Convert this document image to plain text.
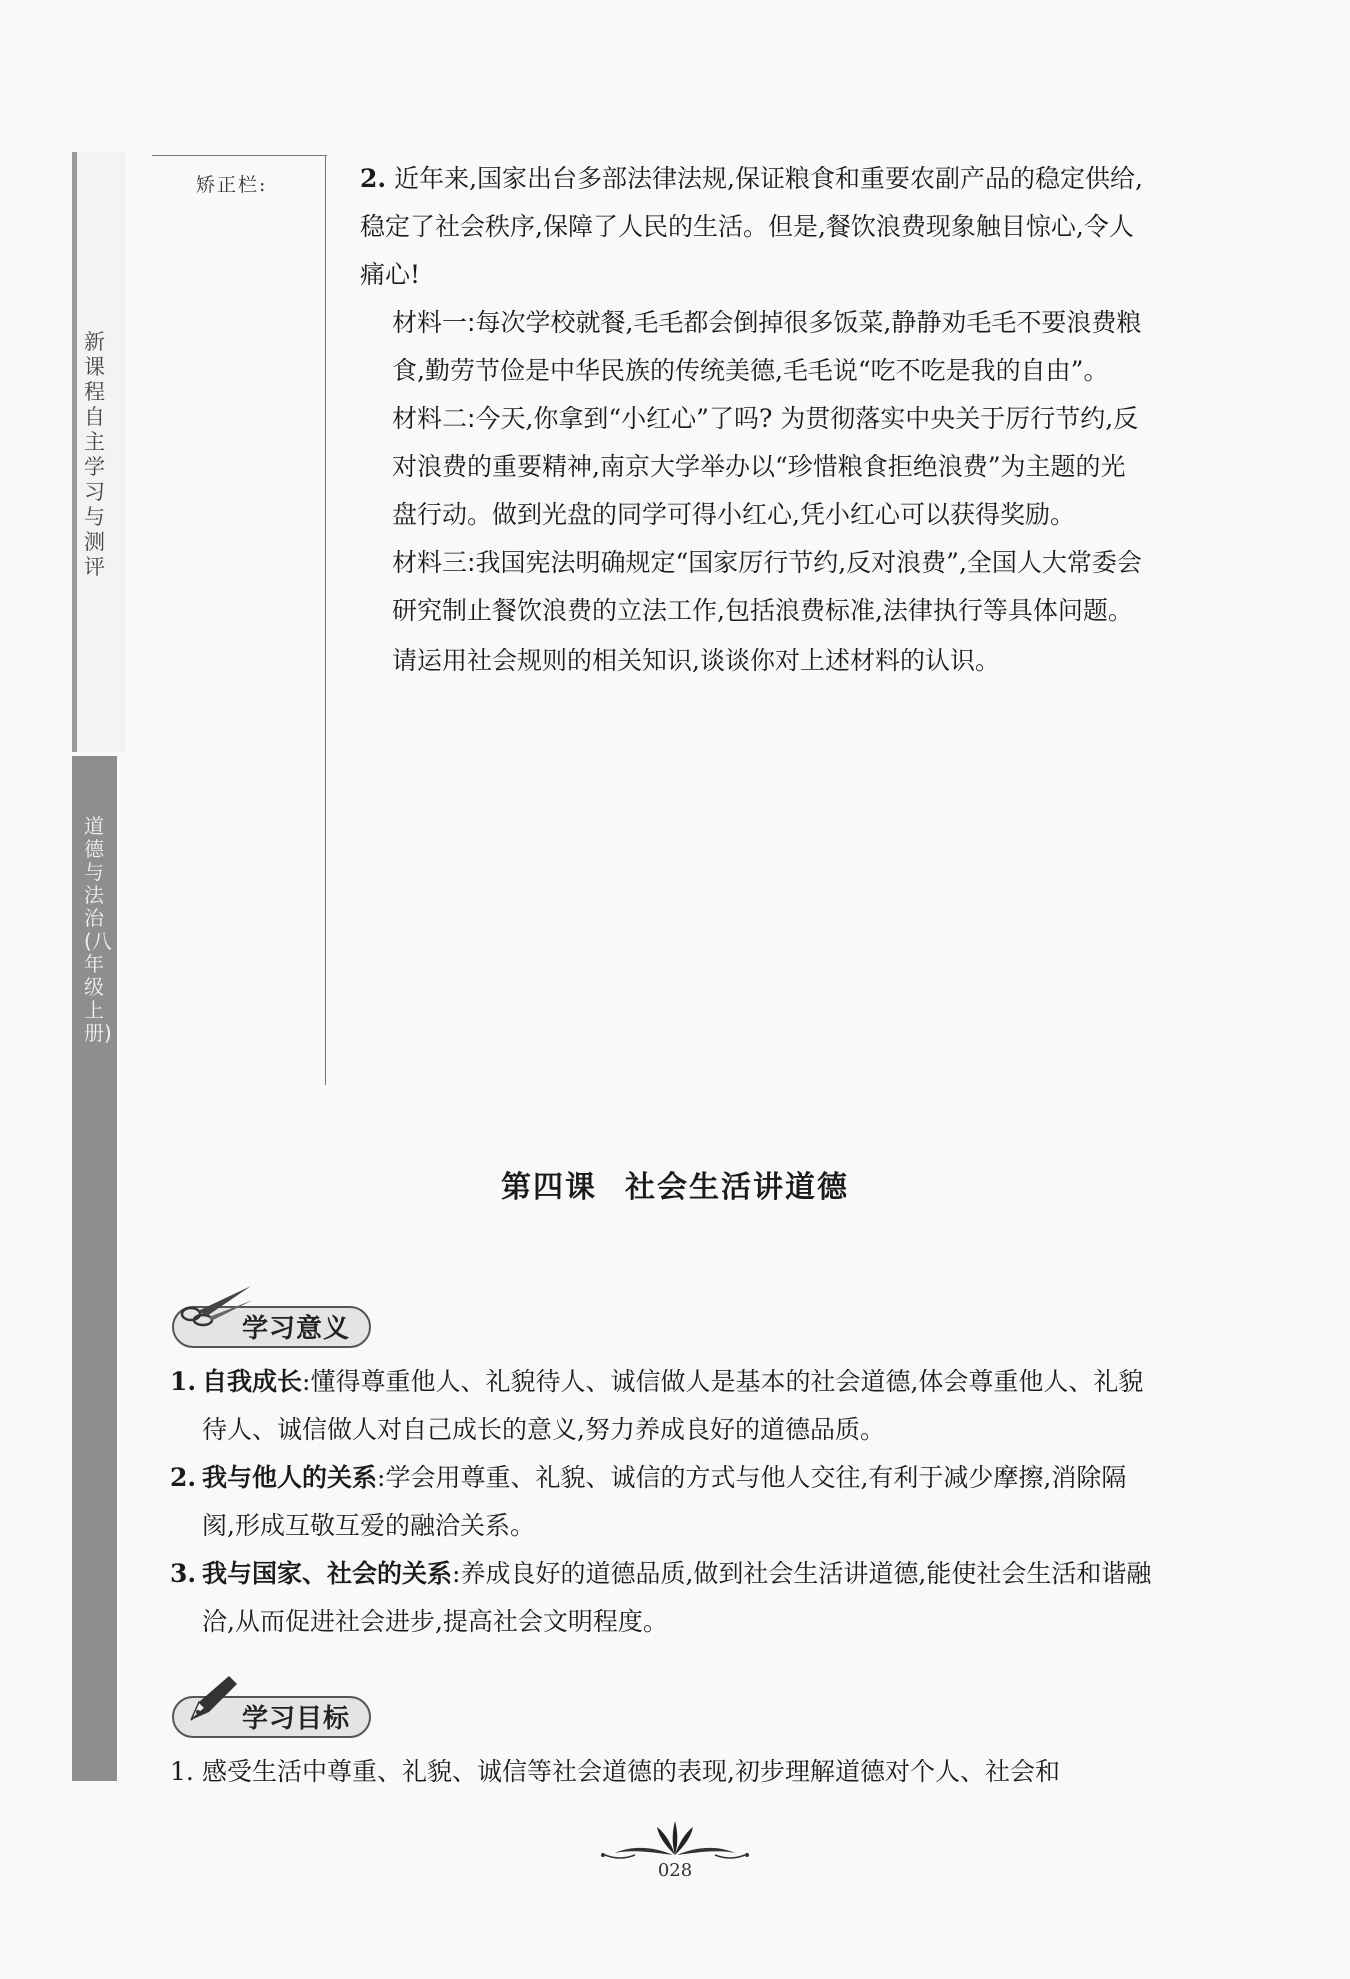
新课程自主学习与测评
道德与法治(八年级上册)
矫正栏:	2. 近年来,国家出台多部法律法规,保证粮食和重要农副产品的稳定供给,稳定了社会秩序,保障了人民的生活。但是,餐饮浪费现象触目惊心,令人痛心!

材料一:每次学校就餐,毛毛都会倒掉很多饭菜,静静劝毛毛不要浪费粮食,勤劳节俭是中华民族的传统美德,毛毛说“吃不吃是我的自由”。

材料二:今天,你拿到“小红心”了吗? 为贯彻落实中央关于厉行节约,反对浪费的重要精神,南京大学举办以“珍惜粮食拒绝浪费”为主题的光盘行动。做到光盘的同学可得小红心,凭小红心可以获得奖励。

材料三:我国宪法明确规定“国家厉行节约,反对浪费”,全国人大常委会研究制止餐饮浪费的立法工作,包括浪费标准,法律执行等具体问题。

请运用社会规则的相关知识,谈谈你对上述材料的认识。

第四课 社会生活讲道德
学习意义
1. 自我成长:懂得尊重他人、礼貌待人、诚信做人是基本的社会道德,体会尊重他人、礼貌待人、诚信做人对自己成长的意义,努力养成良好的道德品质。
2. 我与他人的关系:学会用尊重、礼貌、诚信的方式与他人交往,有利于减少摩擦,消除隔阂,形成互敬互爱的融洽关系。
3. 我与国家、社会的关系:养成良好的道德品质,做到社会生活讲道德,能使社会生活和谐融洽,从而促进社会进步,提高社会文明程度。
学习目标
1. 感受生活中尊重、礼貌、诚信等社会道德的表现,初步理解道德对个人、社会和
028
